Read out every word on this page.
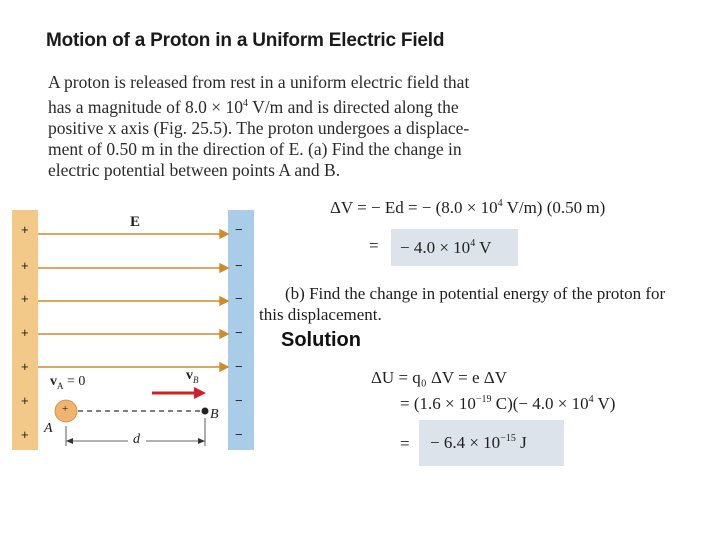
Motion of a Proton in a Uniform Electric Field

A proton is released from rest in a uniform electric field that

has a magnitude of $8.0 \times 10^4$ V/m and is directed along the

positive x axis (Fig. 25.5). The proton undergoes a displace-

ment of 0.50 m in the direction of E. (a) Find the change in

electric potential between points A and B.

ΔV = − Ed = − ($8.0 \times 10^4$ V/m) (0.50 m)
= − $4.0 \times 10^4$ V
(b) Find the change in potential energy of the proton for
this displacement.
Solution
ΔU = q₀ ΔV = e ΔV
= ($1.6 \times 10^{-19}$ $C)(- 4.0 \times 10^4$ V)
= − $6.4 \times 10^{-15}$ J
+
+
+
+
+
+
+
−
−
−
−
−
−
−
E
$v_A = 0$	$v_B$
+
A
B
d
